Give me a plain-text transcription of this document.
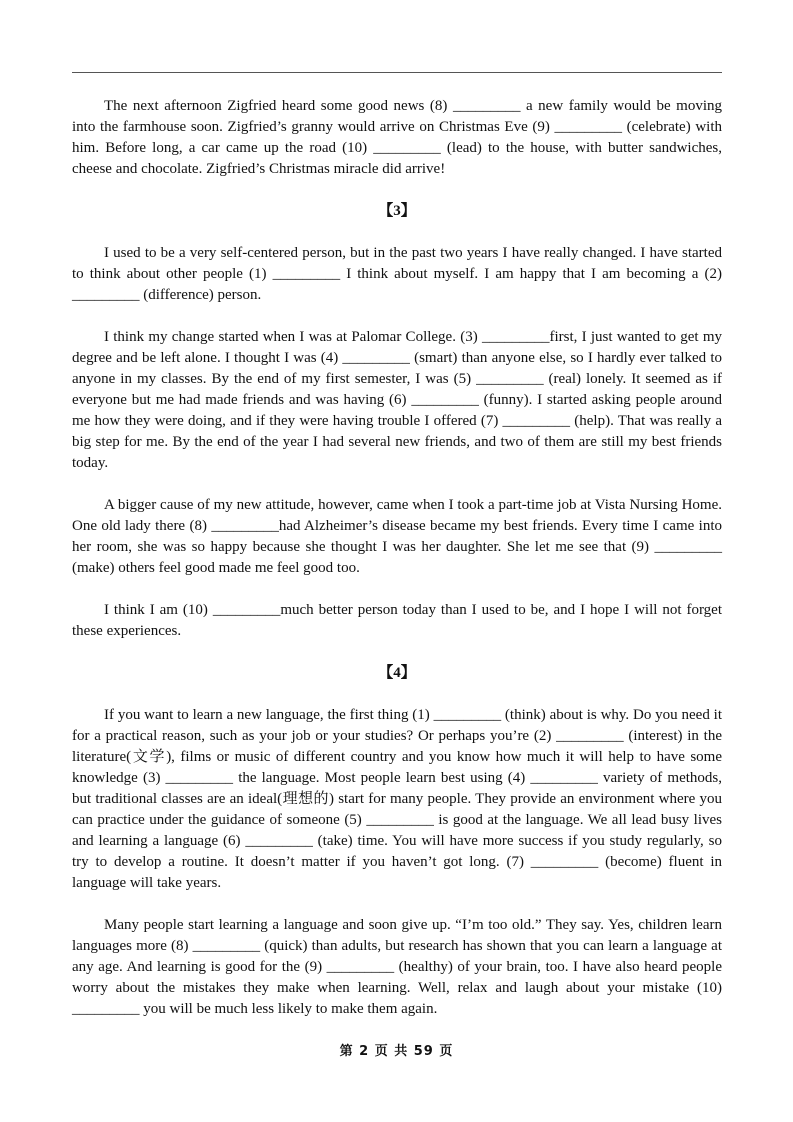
The next afternoon Zigfried heard some good news (8) _________ a new family would be moving into the farmhouse soon. Zigfried’s granny would arrive on Christmas Eve (9) _________ (celebrate) with him. Before long, a car came up the road (10) _________ (lead) to the house, with butter sandwiches, cheese and chocolate. Zigfried’s Christmas miracle did arrive!

【3】

I used to be a very self-centered person, but in the past two years I have really changed. I have started to think about other people (1) _________ I think about myself. I am happy that I am becoming a (2) _________ (difference) person.

I think my change started when I was at Palomar College. (3) _________first, I just wanted to get my degree and be left alone. I thought I was (4) _________ (smart) than anyone else, so I hardly ever talked to anyone in my classes. By the end of my first semester, I was (5) _________ (real) lonely. It seemed as if everyone but me had made friends and was having (6) _________ (funny). I started asking people around me how they were doing, and if they were having trouble I offered (7) _________ (help). That was really a big step for me. By the end of the year I had several new friends, and two of them are still my best friends today.

A bigger cause of my new attitude, however, came when I took a part-time job at Vista Nursing Home. One old lady there (8) _________had Alzheimer’s disease became my best friends. Every time I came into her room, she was so happy because she thought I was her daughter. She let me see that (9) _________ (make) others feel good made me feel good too.

I think I am (10) _________much better person today than I used to be, and I hope I will not forget these experiences.

【4】

If you want to learn a new language, the first thing (1) _________ (think) about is why. Do you need it for a practical reason, such as your job or your studies? Or perhaps you’re (2) _________ (interest) in the literature(文学), films or music of different country and you know how much it will help to have some knowledge (3) _________ the language. Most people learn best using (4) _________ variety of methods, but traditional classes are an ideal(理想的) start for many people. They provide an environment where you can practice under the guidance of someone (5) _________ is good at the language. We all lead busy lives and learning a language (6) _________ (take) time. You will have more success if you study regularly, so try to develop a routine. It doesn’t matter if you haven’t got long. (7) _________ (become) fluent in language will take years.

Many people start learning a language and soon give up. “I’m too old.” They say. Yes, children learn languages more (8) _________ (quick) than adults, but research has shown that you can learn a language at any age. And learning is good for the (9) _________ (healthy) of your brain, too. I have also heard people worry about the mistakes they make when learning. Well, relax and laugh about your mistake (10) _________ you will be much less likely to make them again.

第 2 页 共 59 页
